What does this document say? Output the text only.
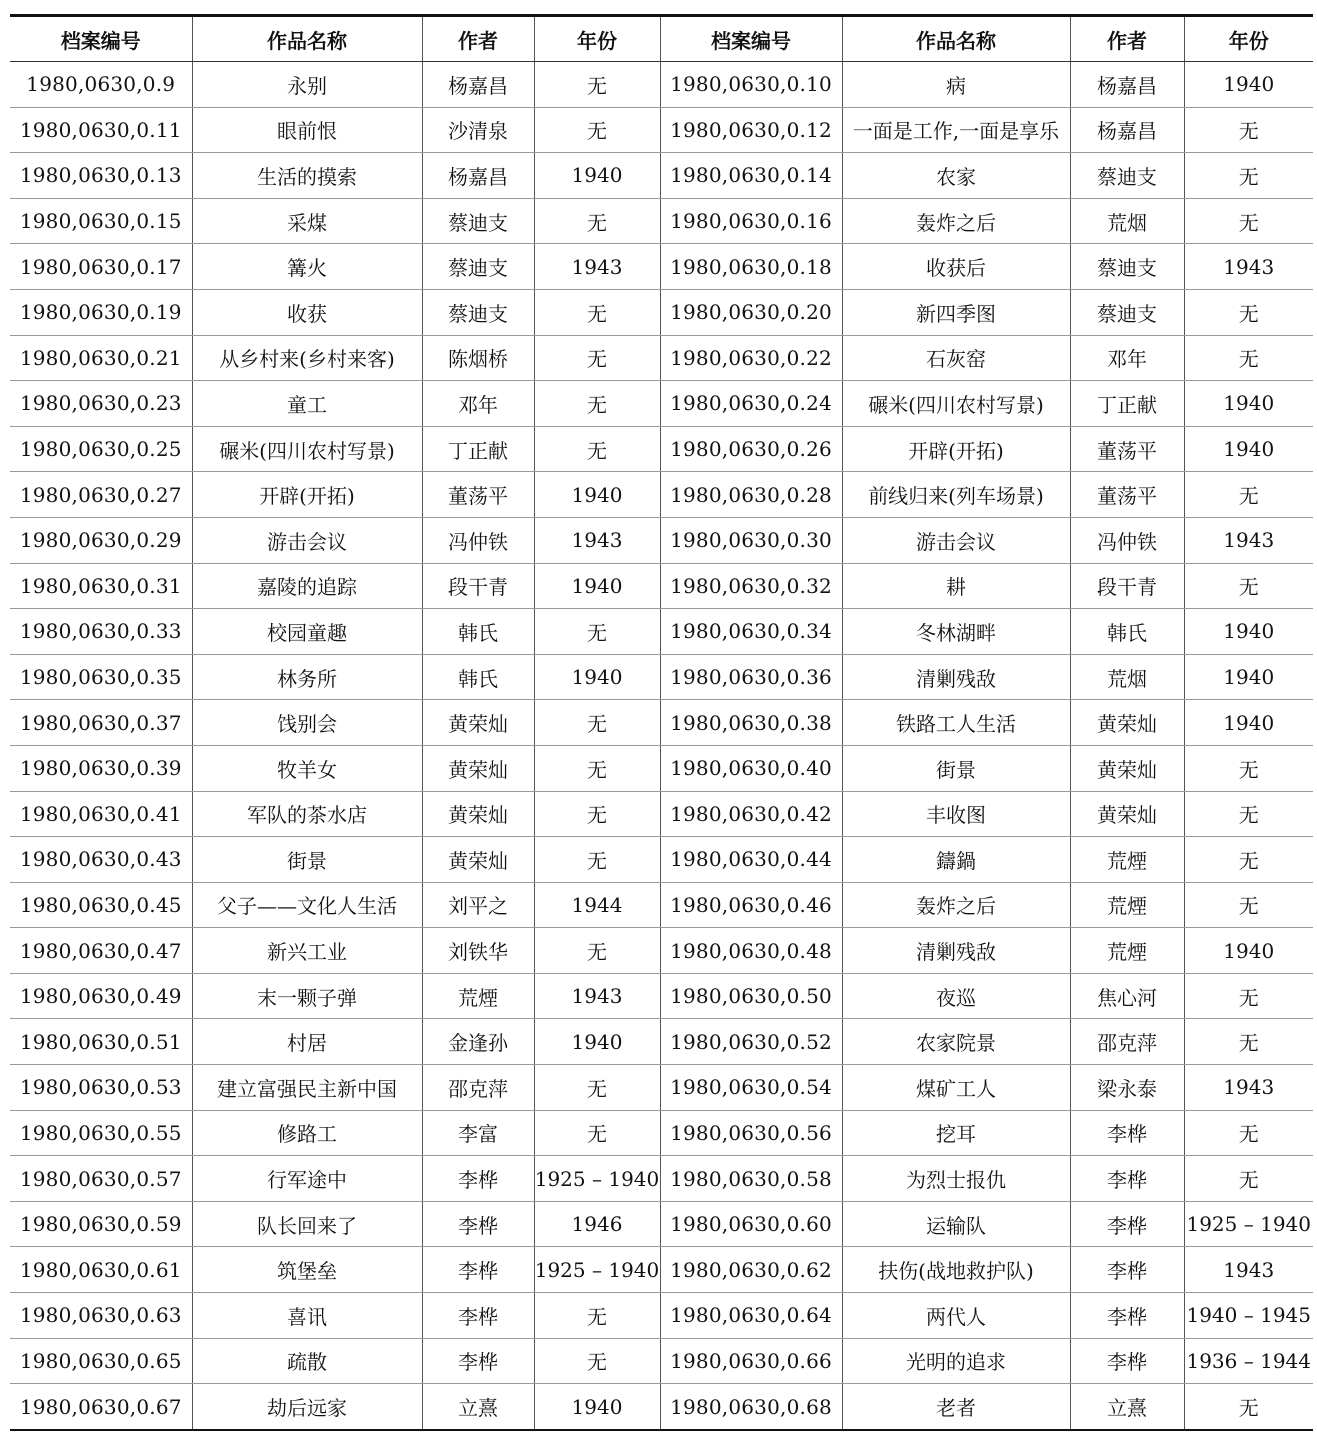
档案编号	作品名称	作者	年份	档案编号	作品名称	作者	年份
1980,0630,0.9	永别	杨嘉昌	无	1980,0630,0.10	病	杨嘉昌	1940
1980,0630,0.11	眼前恨	沙清泉	无	1980,0630,0.12	一面是工作,一面是享乐	杨嘉昌	无
1980,0630,0.13	生活的摸索	杨嘉昌	1940	1980,0630,0.14	农家	蔡迪支	无
1980,0630,0.15	采煤	蔡迪支	无	1980,0630,0.16	轰炸之后	荒烟	无
1980,0630,0.17	篝火	蔡迪支	1943	1980,0630,0.18	收获后	蔡迪支	1943
1980,0630,0.19	收获	蔡迪支	无	1980,0630,0.20	新四季图	蔡迪支	无
1980,0630,0.21	从乡村来(乡村来客)	陈烟桥	无	1980,0630,0.22	石灰窑	邓年	无
1980,0630,0.23	童工	邓年	无	1980,0630,0.24	碾米(四川农村写景)	丁正献	1940
1980,0630,0.25	碾米(四川农村写景)	丁正献	无	1980,0630,0.26	开辟(开拓)	董荡平	1940
1980,0630,0.27	开辟(开拓)	董荡平	1940	1980,0630,0.28	前线归来(列车场景)	董荡平	无
1980,0630,0.29	游击会议	冯仲铁	1943	1980,0630,0.30	游击会议	冯仲铁	1943
1980,0630,0.31	嘉陵的追踪	段干青	1940	1980,0630,0.32	耕	段干青	无
1980,0630,0.33	校园童趣	韩氏	无	1980,0630,0.34	冬林湖畔	韩氏	1940
1980,0630,0.35	林务所	韩氏	1940	1980,0630,0.36	清剿残敌	荒烟	1940
1980,0630,0.37	饯别会	黄荣灿	无	1980,0630,0.38	铁路工人生活	黄荣灿	1940
1980,0630,0.39	牧羊女	黄荣灿	无	1980,0630,0.40	街景	黄荣灿	无
1980,0630,0.41	军队的茶水店	黄荣灿	无	1980,0630,0.42	丰收图	黄荣灿	无
1980,0630,0.43	街景	黄荣灿	无	1980,0630,0.44	鑄鍋	荒煙	无
1980,0630,0.45	父子——文化人生活	刘平之	1944	1980,0630,0.46	轰炸之后	荒煙	无
1980,0630,0.47	新兴工业	刘铁华	无	1980,0630,0.48	清剿残敌	荒煙	1940
1980,0630,0.49	末一颗子弹	荒煙	1943	1980,0630,0.50	夜巡	焦心河	无
1980,0630,0.51	村居	金逢孙	1940	1980,0630,0.52	农家院景	邵克萍	无
1980,0630,0.53	建立富强民主新中国	邵克萍	无	1980,0630,0.54	煤矿工人	梁永泰	1943
1980,0630,0.55	修路工	李富	无	1980,0630,0.56	挖耳	李桦	无
1980,0630,0.57	行军途中	李桦	1925 – 1940	1980,0630,0.58	为烈士报仇	李桦	无
1980,0630,0.59	队长回来了	李桦	1946	1980,0630,0.60	运输队	李桦	1925 – 1940
1980,0630,0.61	筑堡垒	李桦	1925 – 1940	1980,0630,0.62	扶伤(战地救护队)	李桦	1943
1980,0630,0.63	喜讯	李桦	无	1980,0630,0.64	两代人	李桦	1940 – 1945
1980,0630,0.65	疏散	李桦	无	1980,0630,0.66	光明的追求	李桦	1936 – 1944
1980,0630,0.67	劫后远家	立熹	1940	1980,0630,0.68	老者	立熹	无
